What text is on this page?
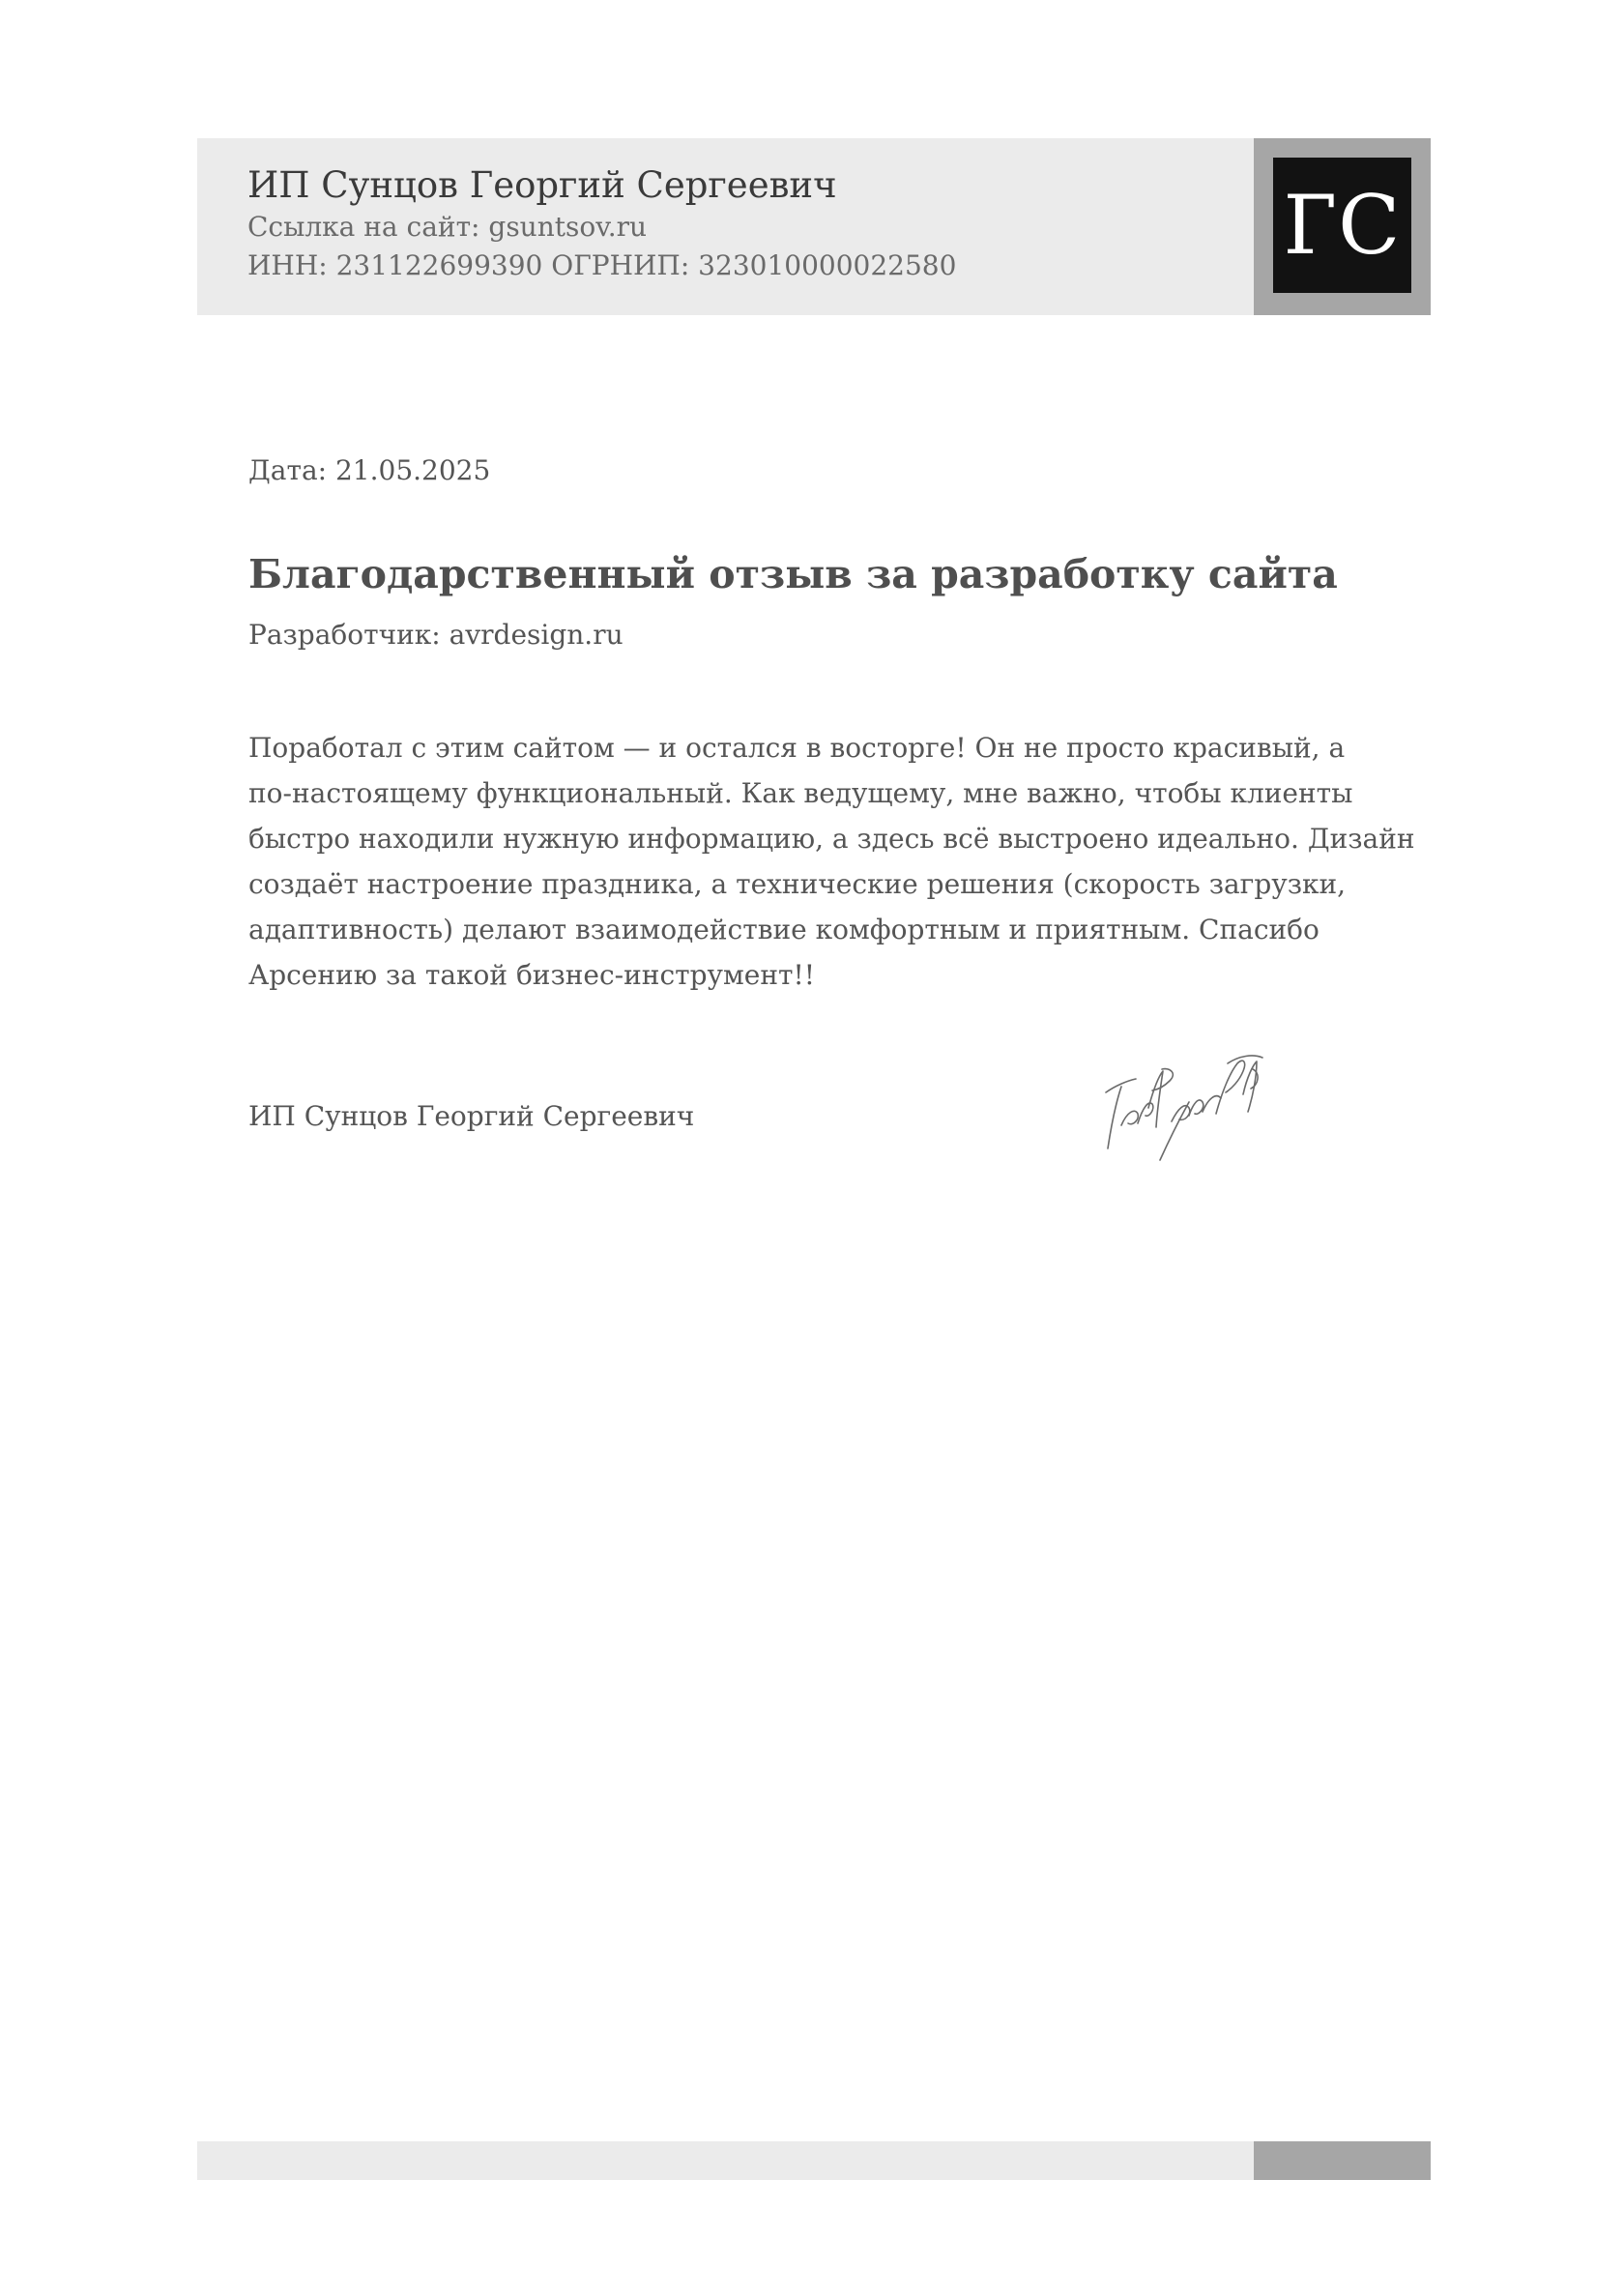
ИП Сунцов Георгий Сергеевич
Ссылка на сайт: gsuntsov.ru
ИНН: 231122699390 ОГРНИП: 323010000022580	ГС
Дата: 21.05.2025
Благодарственный отзыв за разработку сайта
Разработчик: avrdesign.ru
Поработал с этим сайтом — и остался в восторге! Он не просто красивый, а
по-настоящему функциональный. Как ведущему, мне важно, чтобы клиенты
быстро находили нужную информацию, а здесь всё выстроено идеально. Дизайн
создаёт настроение праздника, а технические решения (скорость загрузки,
адаптивность) делают взаимодействие комфортным и приятным. Спасибо
Арсению за такой бизнес-инструмент!!
ИП Сунцов Георгий Сергеевич
